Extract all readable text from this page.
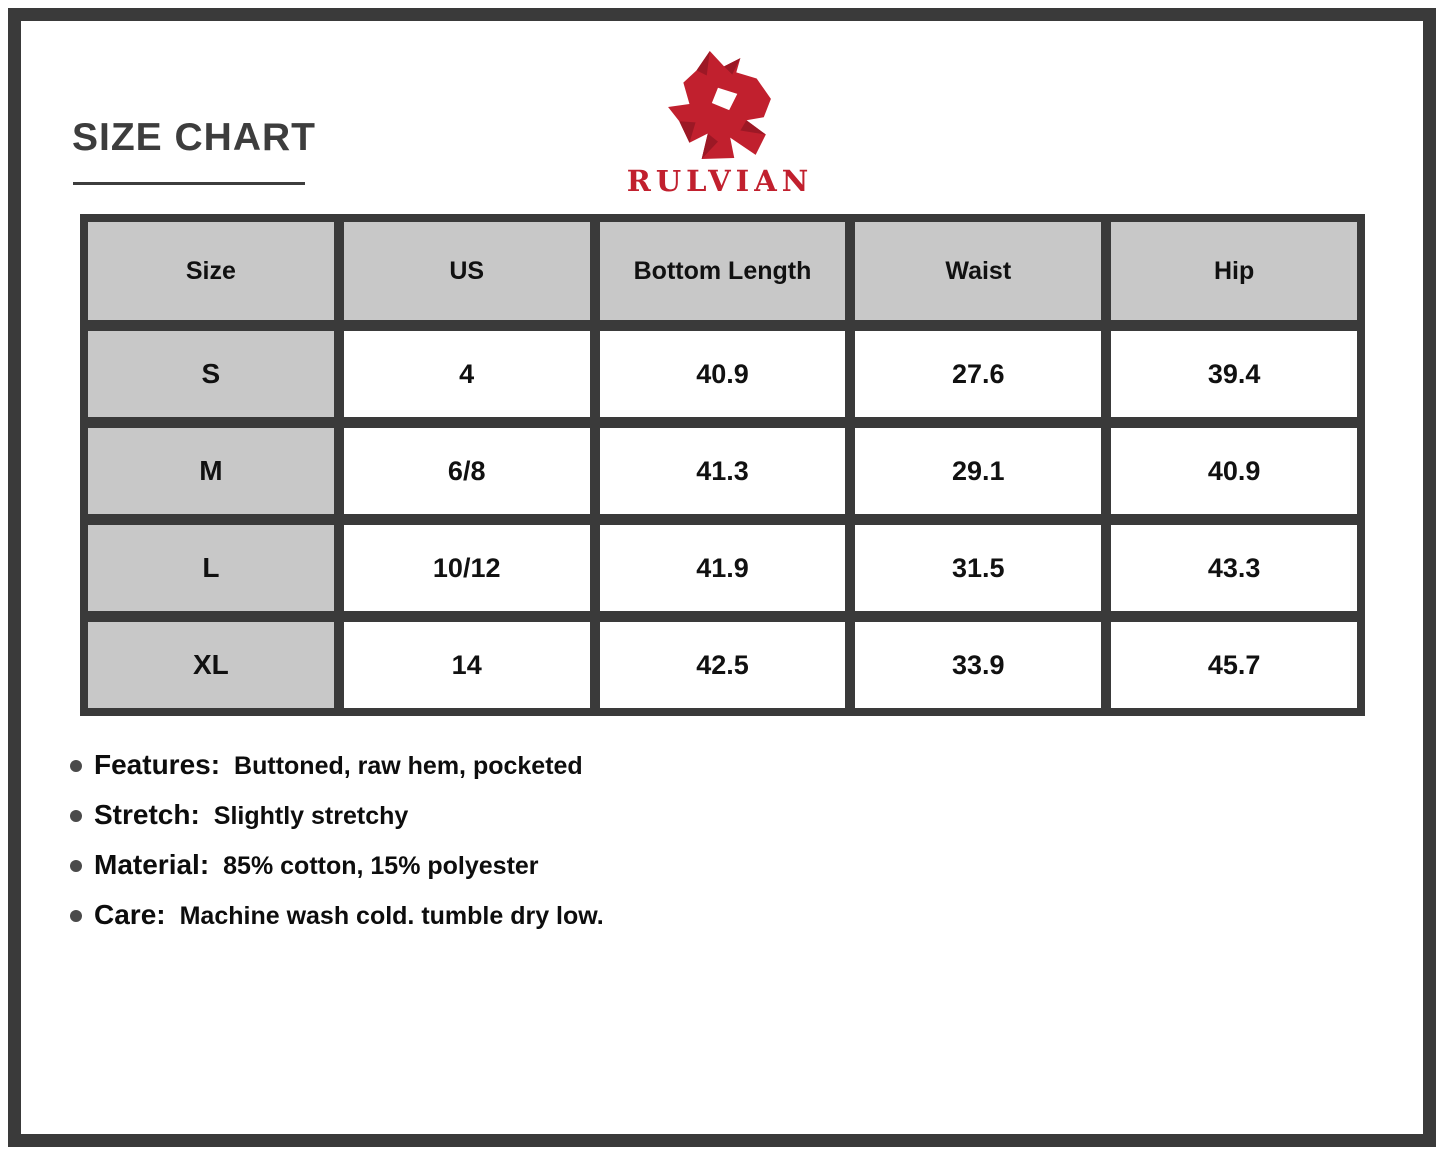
SIZE CHART
RULVIAN
Size	US	Bottom Length	Waist	Hip
S	4	40.9	27.6	39.4
M	6/8	41.3	29.1	40.9
L	10/12	41.9	31.5	43.3
XL	14	42.5	33.9	45.7
Features: Buttoned, raw hem, pocketed
Stretch: Slightly stretchy
Material: 85% cotton, 15% polyester
Care: Machine wash cold. tumble dry low.
